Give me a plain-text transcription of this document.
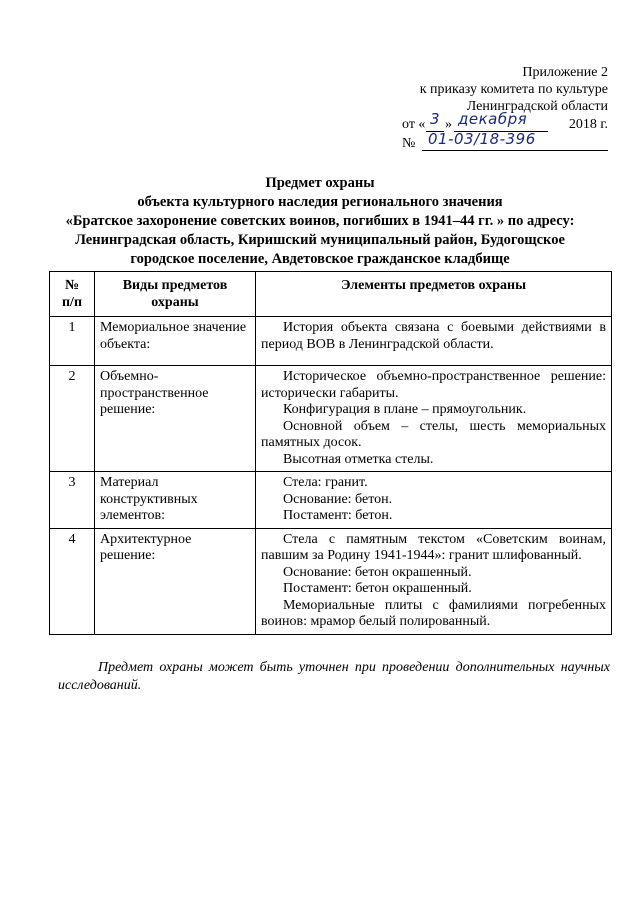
Приложение 2
к приказу комитета по культуре
Ленинградской области
от « 3 » декабря	2018 г.
№ 01-03/18-396
Предмет охраны
объекта культурного наследия регионального значения
«Братское захоронение советских воинов, погибших в 1941–44 гг. » по адресу:
Ленинградская область, Киришский муниципальный район, Будогощское
городское поселение, Авдетовское гражданское кладбище
№
п/п	Виды предметов охраны	Элементы предметов охраны
1	Мемориальное значение объекта:	История объекта связана с боевыми действиями в период ВОВ в Ленинградской области.

2	Объемно-пространственное решение:	Историческое объемно-пространственное решение: исторически габариты.

Конфигурация в плане – прямоугольник.

Основной объем – стелы, шесть мемориальных памятных досок.

Высотная отметка стелы.

3	Материал конструктивных элементов:	Стела: гранит.

Основание: бетон.

Постамент: бетон.

4	Архитектурное решение:	Стела с памятным текстом «Советским воинам, павшим за Родину 1941-1944»: гранит шлифованный.

Основание: бетон окрашенный.

Постамент: бетон окрашенный.

Мемориальные плиты с фамилиями погребенных воинов: мрамор белый полированный.

Предмет охраны может быть уточнен при проведении дополнительных научных исследований.
